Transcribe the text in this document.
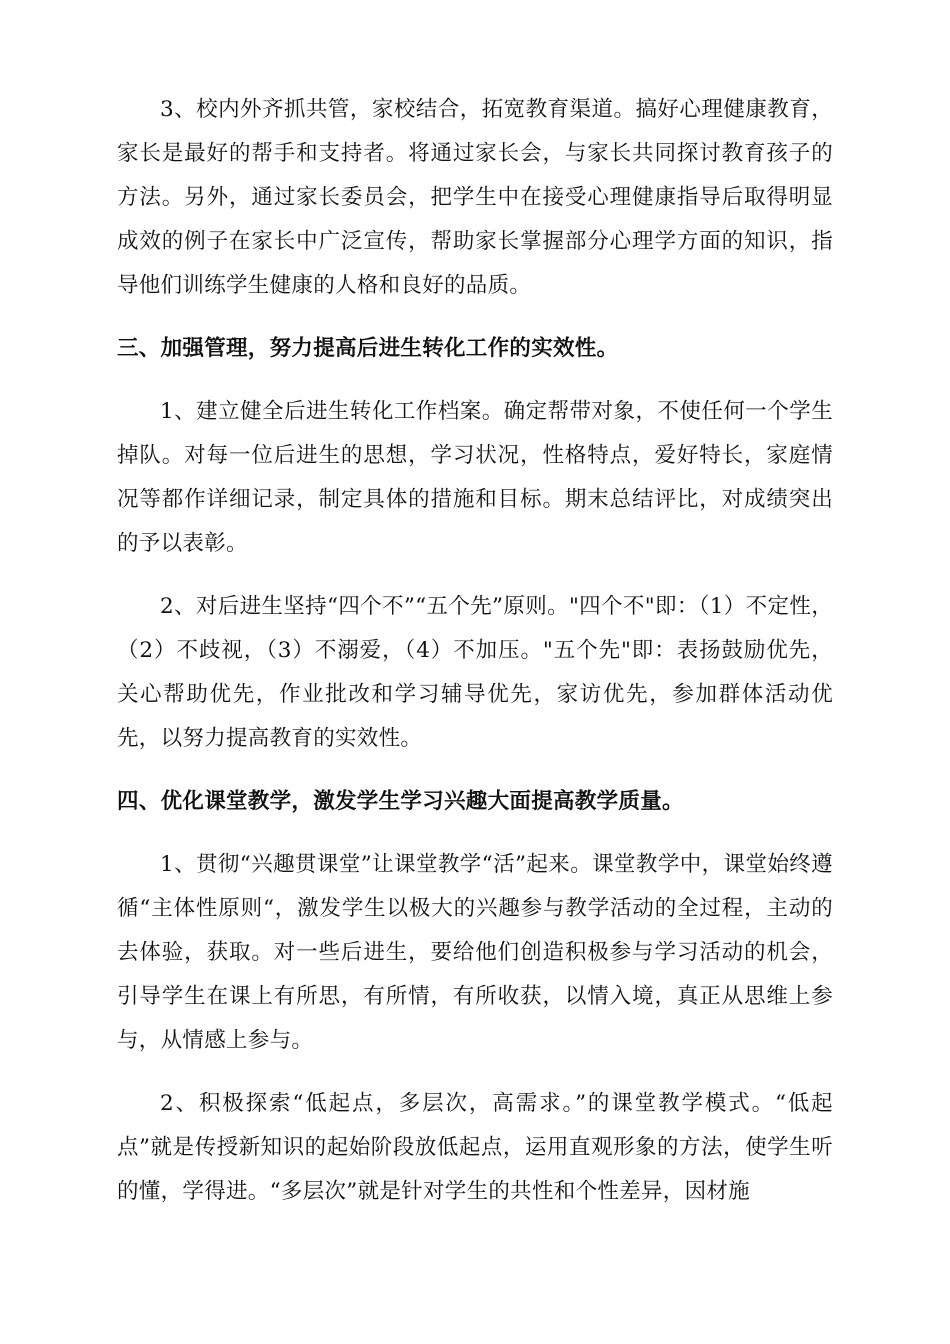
3、校内外齐抓共管，家校结合，拓宽教育渠道。搞好心理健康教育，家长是最好的帮手和支持者。将通过家长会，与家长共同探讨教育孩子的方法。另外，通过家长委员会，把学生中在接受心理健康指导后取得明显成效的例子在家长中广泛宣传，帮助家长掌握部分心理学方面的知识，指导他们训练学生健康的人格和良好的品质。

三、加强管理，努力提高后进生转化工作的实效性。

1、建立健全后进生转化工作档案。确定帮带对象，不使任何一个学生掉队。对每一位后进生的思想，学习状况，性格特点，爱好特长，家庭情况等都作详细记录，制定具体的措施和目标。期末总结评比，对成绩突出的予以表彰。

2、对后进生坚持“四个不”“五个先”原则。"四个不"即：（1）不定性，（2）不歧视，（3）不溺爱，（4）不加压。"五个先"即：表扬鼓励优先，关心帮助优先，作业批改和学习辅导优先，家访优先，参加群体活动优先，以努力提高教育的实效性。

四、优化课堂教学，激发学生学习兴趣大面提高教学质量。

1、贯彻“兴趣贯课堂”让课堂教学“活”起来。课堂教学中，课堂始终遵循“主体性原则“，激发学生以极大的兴趣参与教学活动的全过程，主动的去体验，获取。对一些后进生，要给他们创造积极参与学习活动的机会，引导学生在课上有所思，有所情，有所收获，以情入境，真正从思维上参与，从情感上参与。

2、积极探索“低起点，多层次，高需求。”的课堂教学模式。“低起点”就是传授新知识的起始阶段放低起点，运用直观形象的方法，使学生听的懂，学得进。“多层次”就是针对学生的共性和个性差异，因材施
